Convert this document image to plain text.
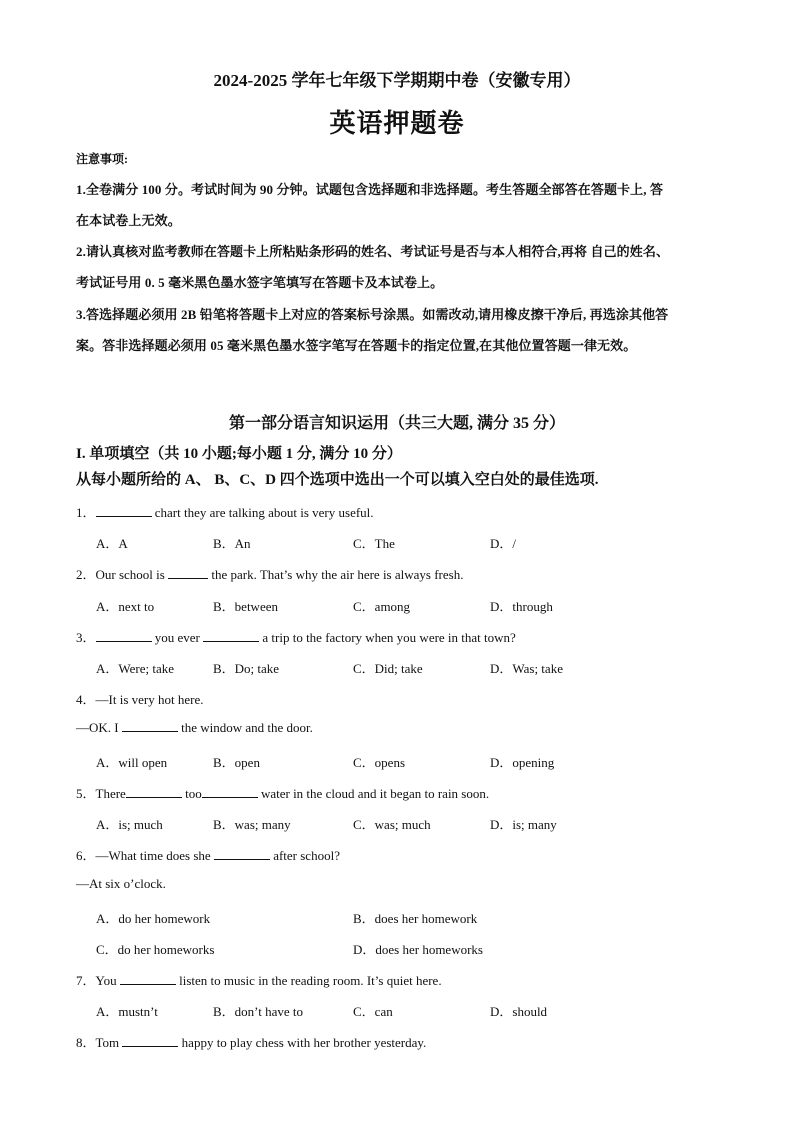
2024-2025 学年七年级下学期期中卷（安徽专用）
英语押题卷
注意事项:
1.全卷满分 100 分。考试时间为 90 分钟。试题包含选择题和非选择题。考生答题全部答在答题卡上, 答
在本试卷上无效。
2.请认真核对监考教师在答题卡上所粘贴条形码的姓名、考试证号是否与本人相符合,再将 自己的姓名、
考试证号用 0. 5 毫米黑色墨水签字笔填写在答题卡及本试卷上。
3.答选择题必须用 2B 铅笔将答题卡上对应的答案标号涂黑。如需改动,请用橡皮擦干净后, 再选涂其他答
案。答非选择题必须用 05 毫米黑色墨水签字笔写在答题卡的指定位置,在其他位置答题一律无效。
第一部分语言知识运用（共三大题, 满分 35 分）
I. 单项填空（共 10 小题;每小题 1 分, 满分 10 分）
从每小题所给的 A、 B、C、D 四个选项中选出一个可以填入空白处的最佳选项.
1．	chart they are talking about is very useful.
A．A	B．An	C．The	D．/
2．Our school is	the park. That’s why the air here is always fresh.
A．next to	B．between	C．among	D．through
3．	you ever	a trip to the factory when you were in that town?
A．Were; take	B．Do; take	C．Did; take	D．Was; take
4．—It is very hot here.
—OK. I	the window and the door.
A．will open	B．open	C．opens	D．opening
5．There	too	water in the cloud and it began to rain soon.
A．is; much	B．was; many	C．was; much	D．is; many
6．—What time does she	after school?
—At six o’clock.
A．do her homework	B．does her homework
C．do her homeworks	D．does her homeworks
7．You	listen to music in the reading room. It’s quiet here.
A．mustn’t	B．don’t have to	C．can	D．should
8．Tom	happy to play chess with her brother yesterday.
